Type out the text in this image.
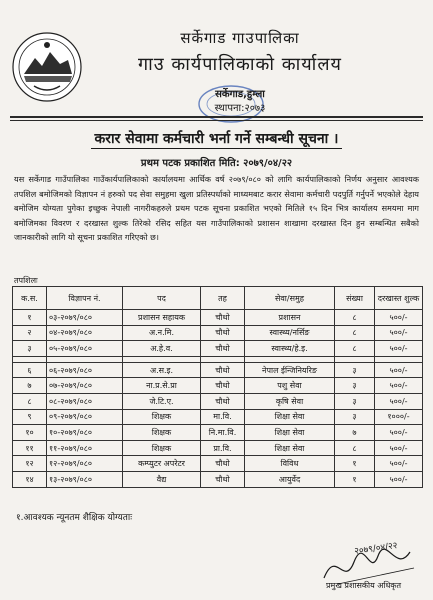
सर्केगाड गाउपालिका
गाउ कार्यपालिकाको कार्यालय
सर्केगाड,हुम्ला
स्थापना:२०७३
करार सेवामा कर्मचारी भर्ना गर्ने सम्बन्धी सूचना ।
प्रथम पटक प्रकाशित मिति: २०७९/०४/२२
यस सर्केगाड गाउँपालिका गाउँकार्यपालिकाको कार्यालयमा आर्थिक वर्ष २०७९/०८० को लागि कार्यपालिकाको निर्णय अनुसार आवश्यक तपशिल बमोजिमको विज्ञापन नं हरुको पद सेवा समुहमा खुला प्रतिस्पर्धाको माध्यमबाट करार सेवामा कर्मचारी पदपुर्ति गर्नुपर्ने भएकोले देहाय बमोजिम योग्यता पुगेका इच्छुक नेपाली नागरीकहरुले प्रथम पटक सूचना प्रकाशित भएको मितिले १५ दिन भित्र कार्यालय समयमा माग बमोजिमका विवरण र दरखास्त शुल्क तिरेको रसिद सहित यस गाउँपालिकाको प्रशासन शाखामा दरखास्त दिन हुन सम्बन्धित सबैको जानकारीको लागि यो सूचना प्रकाशित गरिएको छ।
तपशिलः
क.स.	विज्ञापन नं.	पद	तह	सेवा/समुह	संख्या	दरखास्त शुल्क
१	०३-२०७९/०८०	प्रशासन सहायक	चौथो	प्रशासन	८	५००/-
२	०४-२०७९/०८०	अ.न.मि.	चौथो	स्वास्थ्य/नर्सिङ	८	५००/-
३	०५-२०७९/०८०	अ.हे.व.	चौथो	स्वास्थ्य/हे.इ.	८	५००/-

६	०६-२०७९/०८०	अ.स.इ.	चौथो	नेपाल ईन्जिनियरिङ	३	५००/-
७	०७-२०७९/०८०	ना.प्र.से.प्रा	चौथो	पशु सेवा	३	५००/-
८	०८-२०७९/०८०	जे.टि.ए.	चौथो	कृषि सेवा	३	५००/-
९	०९-२०७९/०८०	शिक्षक	मा.वि.	शिक्षा सेवा	३	१०००/-
१०	१०-२०७९/०८०	शिक्षक	नि.मा.वि.	शिक्षा सेवा	७	५००/-
११	११-२०७९/०८०	शिक्षक	प्रा.वि.	शिक्षा सेवा	८	५००/-
१२	१२-२०७९/०८०	कम्प्युटर अपरेटर	चौथो	विविध	१	५००/-
१४	१३-२०७९/०८०	वैद्य	चौथो	आयुर्वेद	१	५००/-
१.आवश्यक न्यूनतम शैक्षिक योग्यताः
२०७९/०४/२२
प्रमुख प्रशासकीय अधिकृत
